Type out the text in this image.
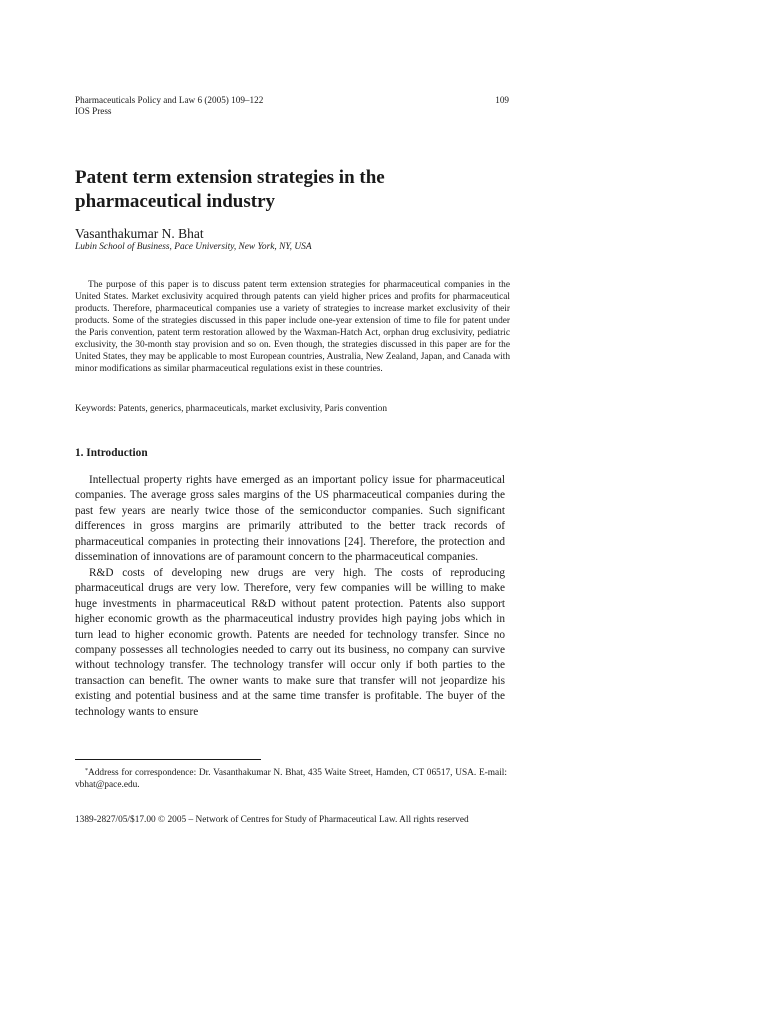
Pharmaceuticals Policy and Law 6 (2005) 109–122
IOS Press
109
Patent term extension strategies in the pharmaceutical industry
Vasanthakumar N. Bhat
Lubin School of Business, Pace University, New York, NY, USA

The purpose of this paper is to discuss patent term extension strategies for pharmaceutical companies in the United States. Market exclusivity acquired through patents can yield higher prices and profits for pharmaceutical products. Therefore, pharmaceutical companies use a variety of strategies to increase market exclusivity of their products. Some of the strategies discussed in this paper include one-year extension of time to file for patent under the Paris convention, patent term restoration allowed by the Waxman-Hatch Act, orphan drug exclusivity, pediatric exclusivity, the 30-month stay provision and so on. Even though, the strategies discussed in this paper are for the United States, they may be applicable to most European countries, Australia, New Zealand, Japan, and Canada with minor modifications as similar pharmaceutical regulations exist in these countries.

Keywords: Patents, generics, pharmaceuticals, market exclusivity, Paris convention
1. Introduction

Intellectual property rights have emerged as an important policy issue for pharmaceutical companies. The average gross sales margins of the US pharmaceutical companies during the past few years are nearly twice those of the semiconductor companies. Such significant differences in gross margins are primarily attributed to the better track records of pharmaceutical companies in protecting their innovations [24]. Therefore, the protection and dissemination of innovations are of paramount concern to the pharmaceutical companies.

R&D costs of developing new drugs are very high. The costs of reproducing pharmaceutical drugs are very low. Therefore, very few companies will be willing to make huge investments in pharmaceutical R&D without patent protection. Patents also support higher economic growth as the pharmaceutical industry provides high paying jobs which in turn lead to higher economic growth. Patents are needed for technology transfer. Since no company possesses all technologies needed to carry out its business, no company can survive without technology transfer. The technology transfer will occur only if both parties to the transaction can benefit. The owner wants to make sure that transfer will not jeopardize his existing and potential business and at the same time transfer is profitable. The buyer of the technology wants to ensure

*Address for correspondence: Dr. Vasanthakumar N. Bhat, 435 Waite Street, Hamden, CT 06517, USA. E-mail: vbhat@pace.edu.

1389-2827/05/$17.00 © 2005 – Network of Centres for Study of Pharmaceutical Law. All rights reserved
